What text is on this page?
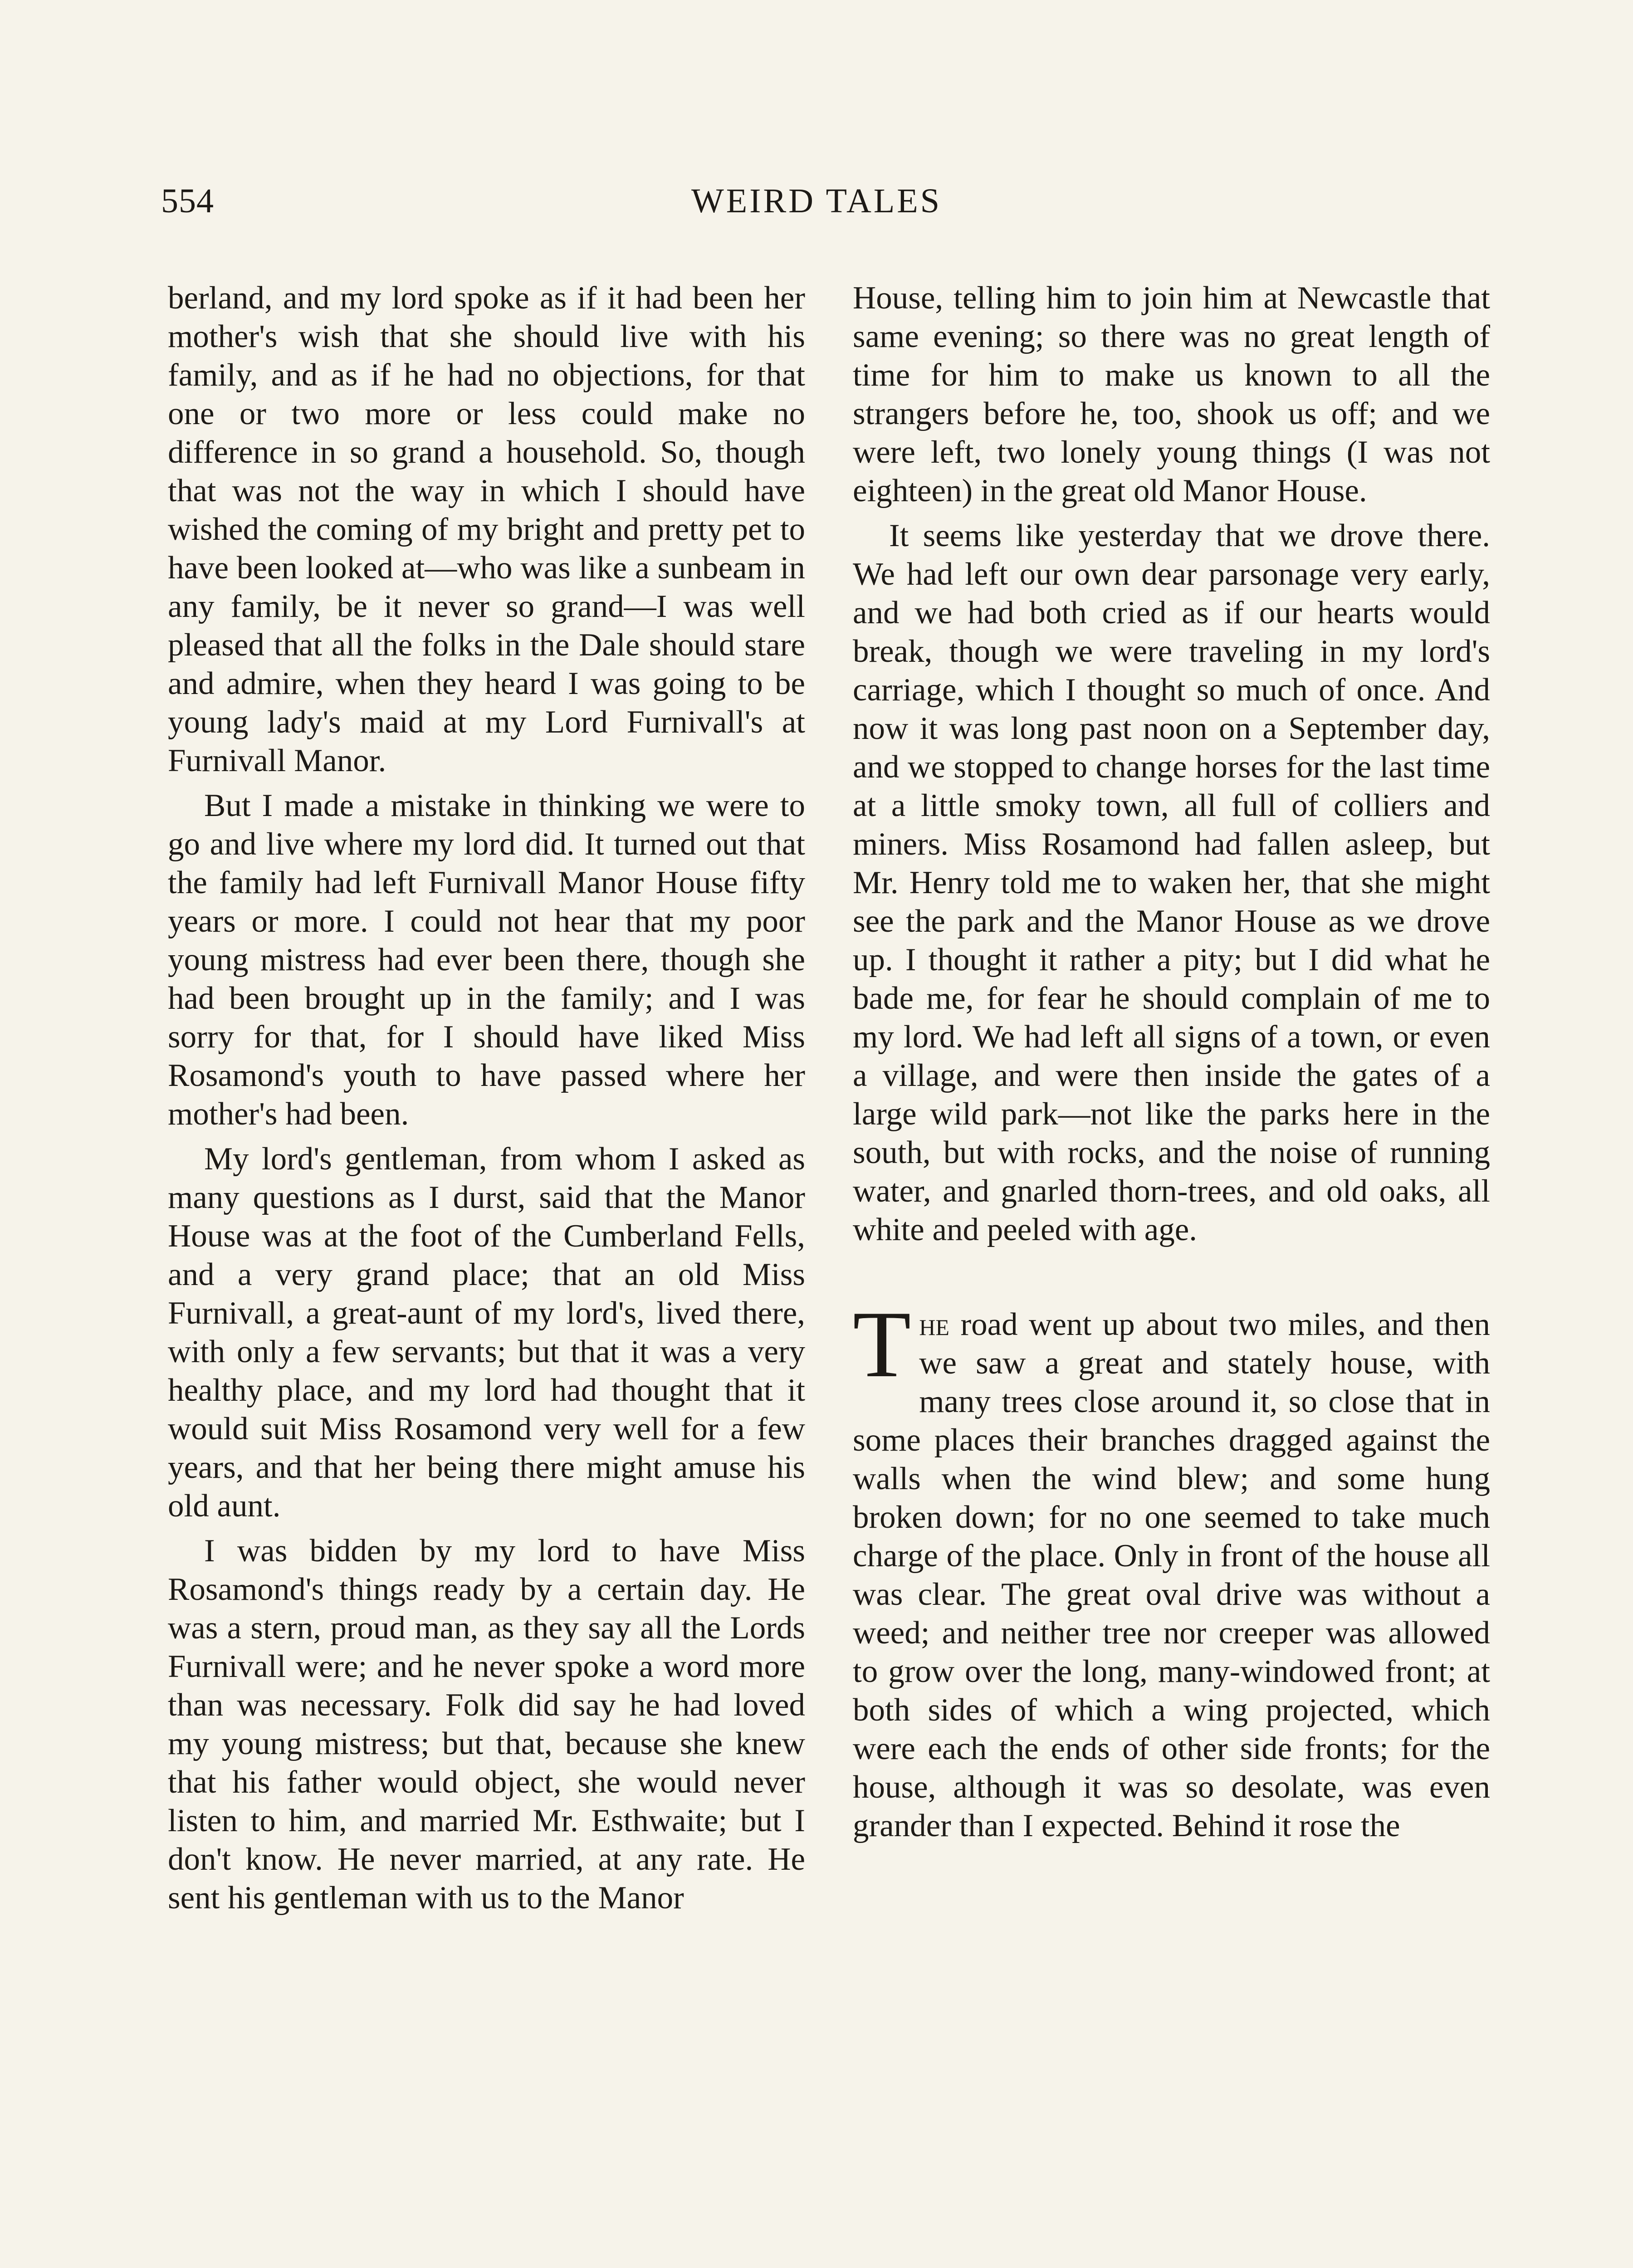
554	WEIRD TALES

berland, and my lord spoke as if it had been her mother's wish that she should live with his family, and as if he had no objections, for that one or two more or less could make no difference in so grand a household. So, though that was not the way in which I should have wished the coming of my bright and pretty pet to have been looked at—who was like a sunbeam in any family, be it never so grand—I was well pleased that all the folks in the Dale should stare and admire, when they heard I was going to be young lady's maid at my Lord Furnivall's at Furnivall Manor.

But I made a mistake in thinking we were to go and live where my lord did. It turned out that the family had left Furnivall Manor House fifty years or more. I could not hear that my poor young mistress had ever been there, though she had been brought up in the family; and I was sorry for that, for I should have liked Miss Rosamond's youth to have passed where her mother's had been.

My lord's gentleman, from whom I asked as many questions as I durst, said that the Manor House was at the foot of the Cumberland Fells, and a very grand place; that an old Miss Furnivall, a great-aunt of my lord's, lived there, with only a few servants; but that it was a very healthy place, and my lord had thought that it would suit Miss Rosamond very well for a few years, and that her being there might amuse his old aunt.

I was bidden by my lord to have Miss Rosamond's things ready by a certain day. He was a stern, proud man, as they say all the Lords Furnivall were; and he never spoke a word more than was necessary. Folk did say he had loved my young mistress; but that, because she knew that his father would object, she would never listen to him, and married Mr. Esthwaite; but I don't know. He never married, at any rate. He sent his gentleman with us to the Manor

House, telling him to join him at Newcastle that same evening; so there was no great length of time for him to make us known to all the strangers before he, too, shook us off; and we were left, two lonely young things (I was not eighteen) in the great old Manor House.

It seems like yesterday that we drove there. We had left our own dear parsonage very early, and we had both cried as if our hearts would break, though we were traveling in my lord's carriage, which I thought so much of once. And now it was long past noon on a September day, and we stopped to change horses for the last time at a little smoky town, all full of colliers and miners. Miss Rosamond had fallen asleep, but Mr. Henry told me to waken her, that she might see the park and the Manor House as we drove up. I thought it rather a pity; but I did what he bade me, for fear he should complain of me to my lord. We had left all signs of a town, or even a village, and were then inside the gates of a large wild park—not like the parks here in the south, but with rocks, and the noise of running water, and gnarled thorn-trees, and old oaks, all white and peeled with age.

The road went up about two miles, and then we saw a great and stately house, with many trees close around it, so close that in some places their branches dragged against the walls when the wind blew; and some hung broken down; for no one seemed to take much charge of the place. Only in front of the house all was clear. The great oval drive was without a weed; and neither tree nor creeper was allowed to grow over the long, many-windowed front; at both sides of which a wing projected, which were each the ends of other side fronts; for the house, although it was so desolate, was even grander than I expected. Behind it rose the
